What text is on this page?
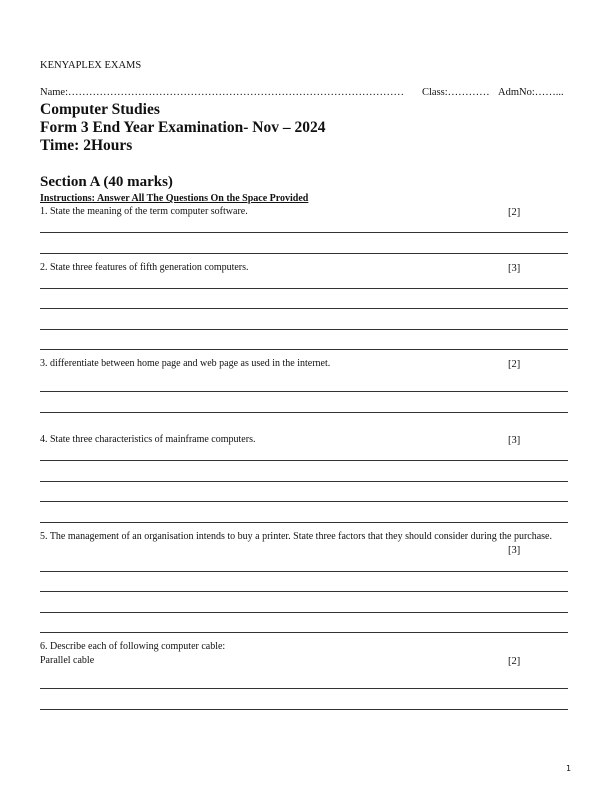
KENYAPLEX EXAMS
Name:…………………………………………………………………………………… Class:………… AdmNo:……...
Computer Studies
Form 3 End Year Examination- Nov – 2024
Time: 2Hours
Section A (40 marks)
Instructions: Answer All The Questions On the Space Provided
1. State the meaning of the term computer software.	[2]
2. State three features of fifth generation computers.	[3]
3. differentiate between home page and web page as used in the internet.	[2]
4. State three characteristics of mainframe computers.	[3]
5. The management of an organisation intends to buy a printer. State three factors that they should consider during the purchase.
[3]
6. Describe each of following computer cable:
Parallel cable	[2]
1
